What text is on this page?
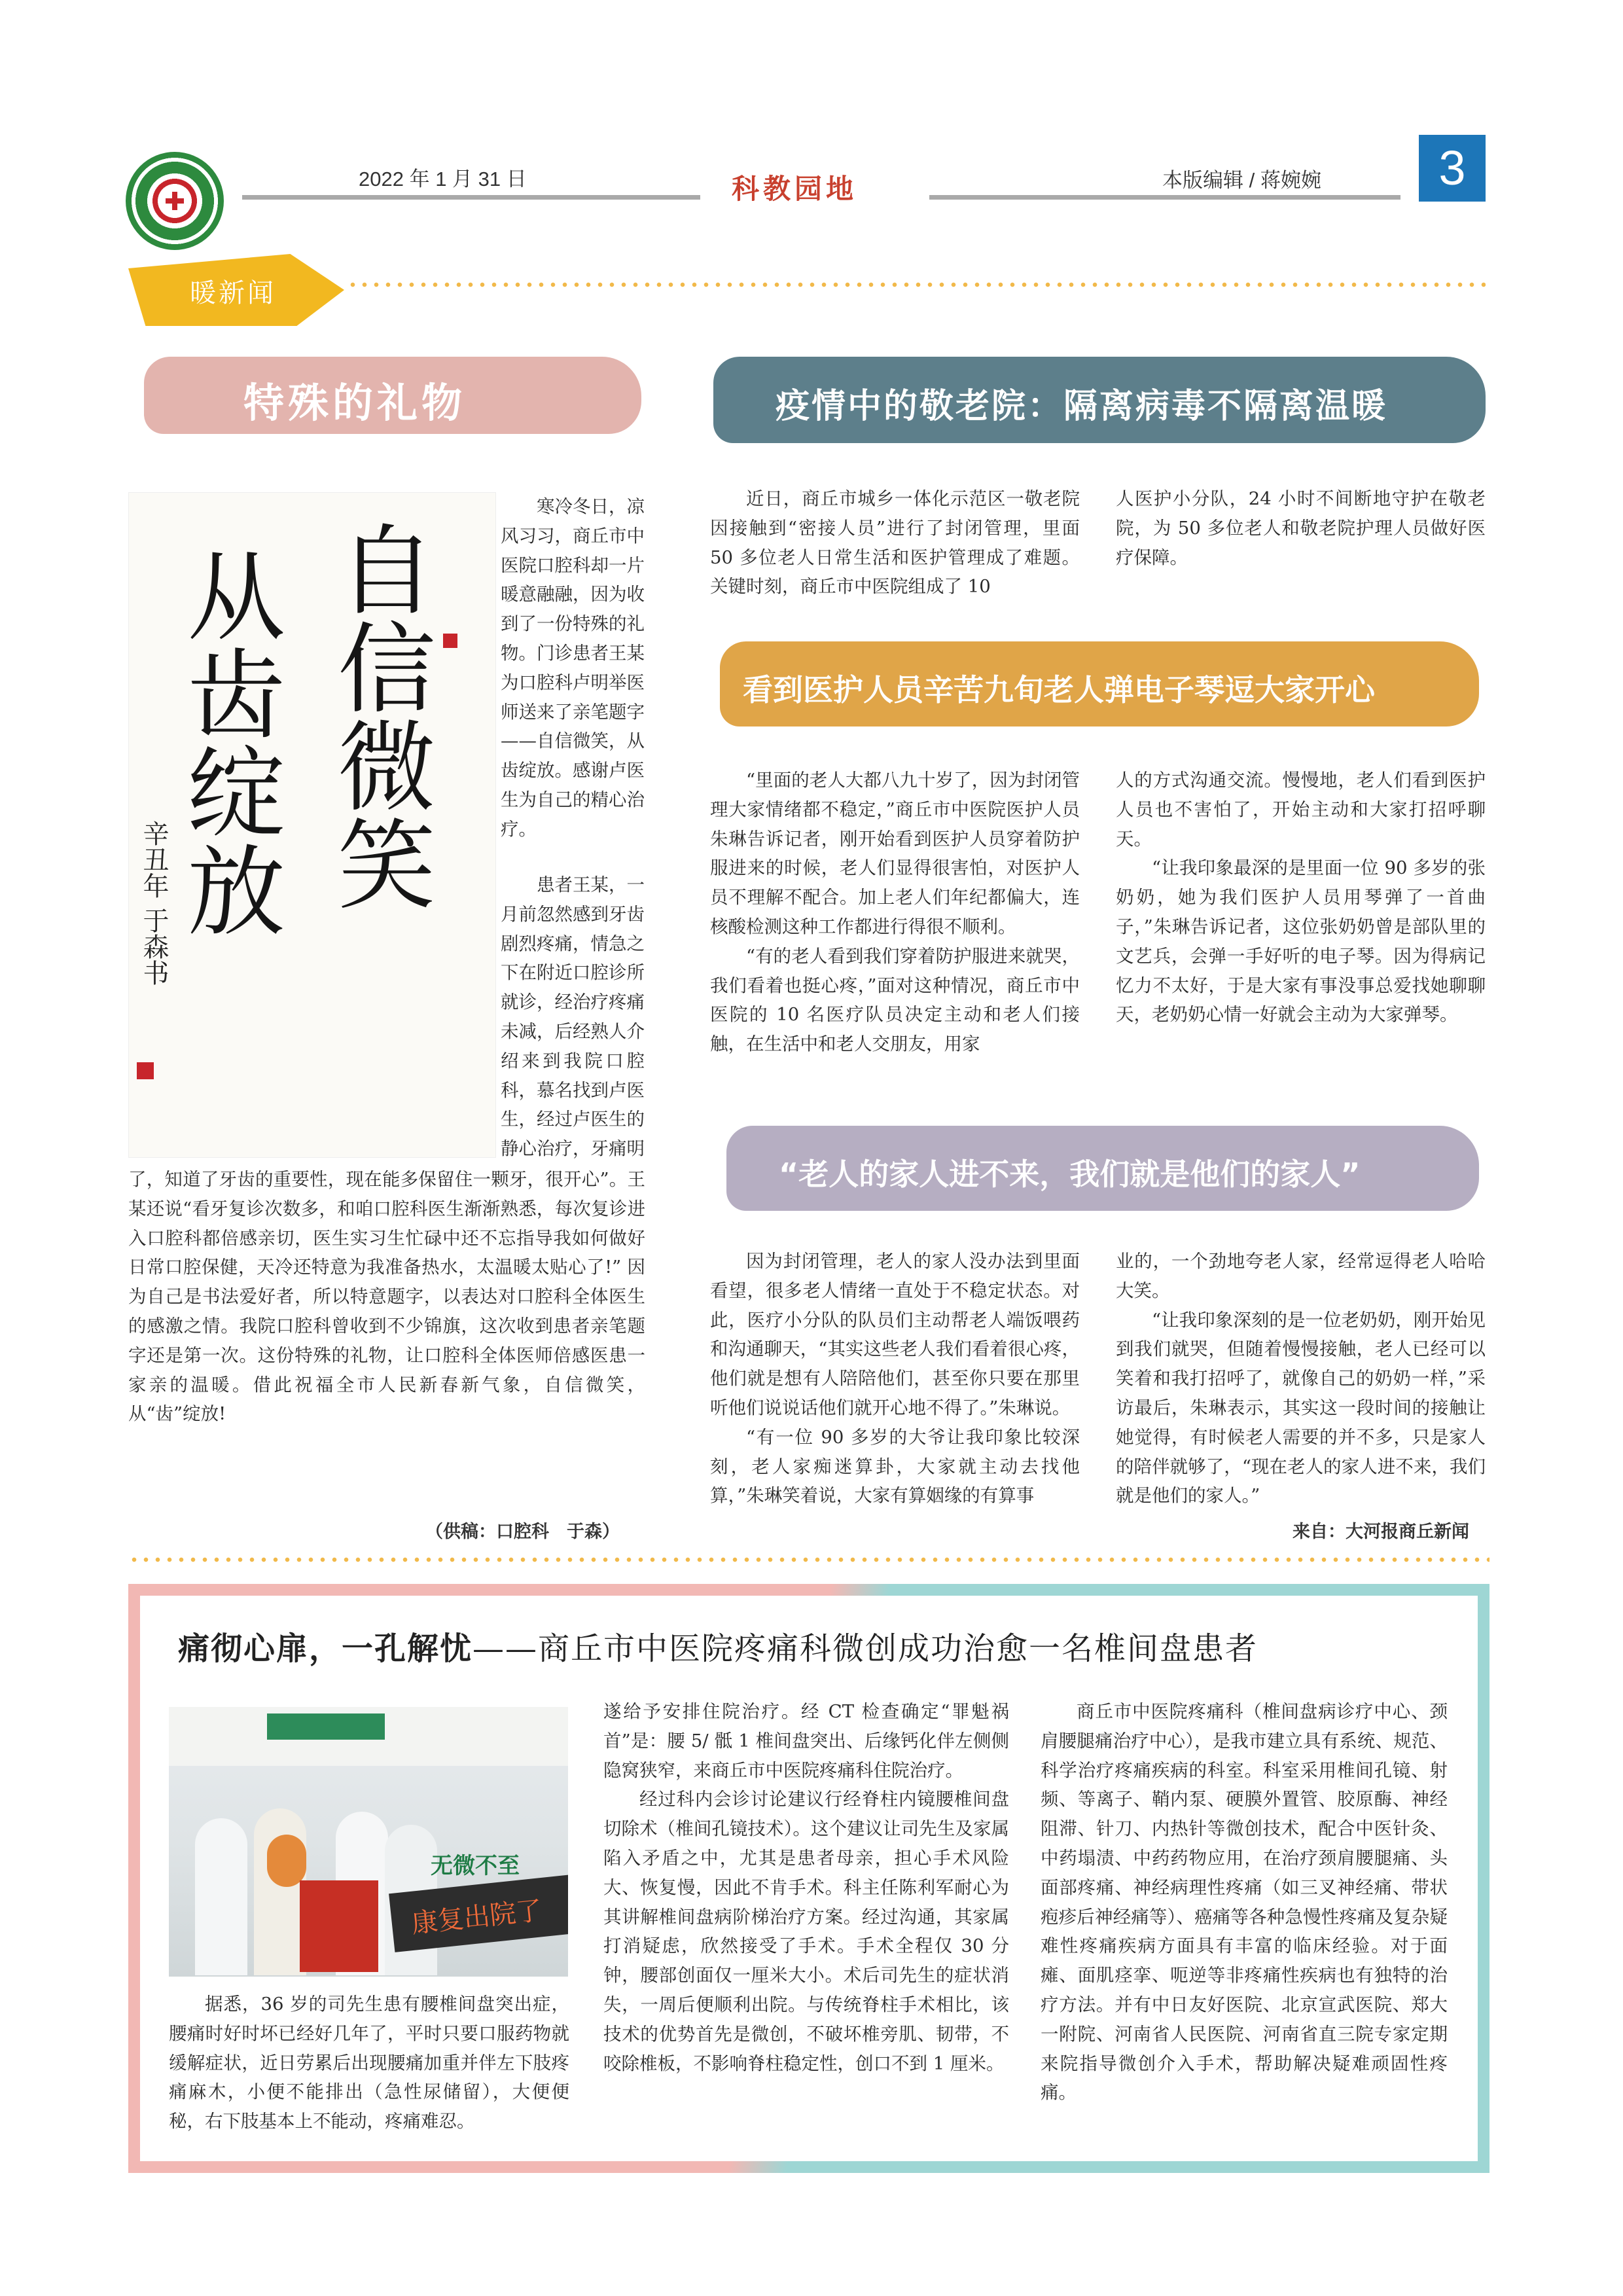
2022 年 1 月 31 日	科教园地	本版编辑 / 蒋婉婉	3
暖新闻
特殊的礼物
自信微笑
从齿绽放
辛丑年 于森书

寒冷冬日，凉风习习，商丘市中医院口腔科却一片暖意融融，因为收到了一份特殊的礼物。门诊患者王某为口腔科卢明举医师送来了亲笔题字——自信微笑，从齿绽放。感谢卢医生为自己的精心治疗。

患者王某，一月前忽然感到牙齿剧烈疼痛，情急之下在附近口腔诊所就诊，经治疗疼痛未减，后经熟人介绍来到我院口腔科，慕名找到卢医生，经过卢医生的静心治疗，牙痛明

了，知道了牙齿的重要性，现在能多保留住一颗牙，很开心”。王某还说“看牙复诊次数多，和咱口腔科医生渐渐熟悉，每次复诊进入口腔科都倍感亲切，医生实习生忙碌中还不忘指导我如何做好日常口腔保健，天冷还特意为我准备热水，太温暖太贴心了!” 因为自己是书法爱好者，所以特意题字，以表达对口腔科全体医生的感激之情。我院口腔科曾收到不少锦旗，这次收到患者亲笔题字还是第一次。这份特殊的礼物，让口腔科全体医师倍感医患一家亲的温暖。借此祝福全市人民新春新气象，自信微笑，从“齿”绽放!

（供稿：口腔科　于森）
疫情中的敬老院：隔离病毒不隔离温暖

近日，商丘市城乡一体化示范区一敬老院因接触到“密接人员”进行了封闭管理，里面 50 多位老人日常生活和医护管理成了难题。关键时刻，商丘市中医院组成了 10

人医护小分队，24 小时不间断地守护在敬老院，为 50 多位老人和敬老院护理人员做好医疗保障。

看到医护人员辛苦九旬老人弹电子琴逗大家开心

“里面的老人大都八九十岁了，因为封闭管理大家情绪都不稳定，”商丘市中医院医护人员朱琳告诉记者，刚开始看到医护人员穿着防护服进来的时候，老人们显得很害怕，对医护人员不理解不配合。加上老人们年纪都偏大，连核酸检测这种工作都进行得很不顺利。

“有的老人看到我们穿着防护服进来就哭，我们看着也挺心疼，”面对这种情况，商丘市中医院的 10 名医疗队员决定主动和老人们接触，在生活中和老人交朋友，用家

人的方式沟通交流。慢慢地，老人们看到医护人员也不害怕了，开始主动和大家打招呼聊天。

“让我印象最深的是里面一位 90 多岁的张奶奶，她为我们医护人员用琴弹了一首曲子，”朱琳告诉记者，这位张奶奶曾是部队里的文艺兵，会弹一手好听的电子琴。因为得病记忆力不太好，于是大家有事没事总爱找她聊聊天，老奶奶心情一好就会主动为大家弹琴。

“老人的家人进不来，我们就是他们的家人”

因为封闭管理，老人的家人没办法到里面看望，很多老人情绪一直处于不稳定状态。对此，医疗小分队的队员们主动帮老人端饭喂药和沟通聊天，“其实这些老人我们看着很心疼，他们就是想有人陪陪他们，甚至你只要在那里听他们说说话他们就开心地不得了。”朱琳说。

“有一位 90 多岁的大爷让我印象比较深刻，老人家痴迷算卦，大家就主动去找他算，”朱琳笑着说，大家有算姻缘的有算事

业的，一个劲地夸老人家，经常逗得老人哈哈大笑。

“让我印象深刻的是一位老奶奶，刚开始见到我们就哭，但随着慢慢接触，老人已经可以笑着和我打招呼了，就像自己的奶奶一样，”采访最后，朱琳表示，其实这一段时间的接触让她觉得，有时候老人需要的并不多，只是家人的陪伴就够了，“现在老人的家人进不来，我们就是他们的家人。”

来自：大河报商丘新闻
痛彻心扉，一孔解忧——商丘市中医院疼痛科微创成功治愈一名椎间盘患者
无微不至
康复出院了

据悉，36 岁的司先生患有腰椎间盘突出症，腰痛时好时坏已经好几年了，平时只要口服药物就缓解症状，近日劳累后出现腰痛加重并伴左下肢疼痛麻木，小便不能排出（急性尿储留），大便便秘，右下肢基本上不能动，疼痛难忍。

遂给予安排住院治疗。经 CT 检查确定“罪魁祸首”是：腰 5/ 骶 1 椎间盘突出、后缘钙化伴左侧侧隐窝狭窄，来商丘市中医院疼痛科住院治疗。

经过科内会诊讨论建议行经脊柱内镜腰椎间盘切除术（椎间孔镜技术）。这个建议让司先生及家属陷入矛盾之中，尤其是患者母亲，担心手术风险大、恢复慢，因此不肯手术。科主任陈利军耐心为其讲解椎间盘病阶梯治疗方案。经过沟通，其家属打消疑虑，欣然接受了手术。手术全程仅 30 分钟，腰部创面仅一厘米大小。术后司先生的症状消失，一周后便顺利出院。与传统脊柱手术相比，该技术的优势首先是微创，不破坏椎旁肌、韧带，不咬除椎板，不影响脊柱稳定性，创口不到 1 厘米。

商丘市中医院疼痛科（椎间盘病诊疗中心、颈肩腰腿痛治疗中心），是我市建立具有系统、规范、科学治疗疼痛疾病的科室。科室采用椎间孔镜、射频、等离子、鞘内泵、硬膜外置管、胶原酶、神经阻滞、针刀、内热针等微创技术，配合中医针灸、中药塌渍、中药药物应用，在治疗颈肩腰腿痛、头面部疼痛、神经病理性疼痛（如三叉神经痛、带状疱疹后神经痛等）、癌痛等各种急慢性疼痛及复杂疑难性疼痛疾病方面具有丰富的临床经验。对于面瘫、面肌痉挛、呃逆等非疼痛性疾病也有独特的治疗方法。并有中日友好医院、北京宣武医院、郑大一附院、河南省人民医院、河南省直三院专家定期来院指导微创介入手术，帮助解决疑难顽固性疼痛。
